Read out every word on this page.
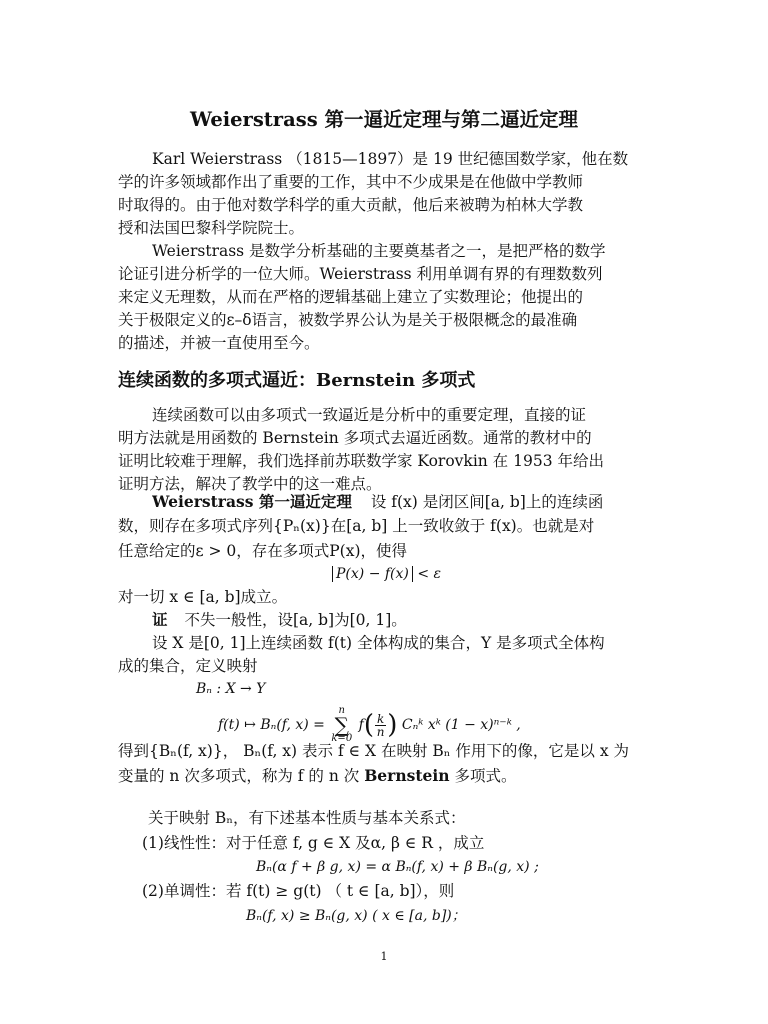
Weierstrass 第一逼近定理与第二逼近定理
Karl Weierstrass （1815—1897）是 19 世纪德国数学家，他在数
学的许多领域都作出了重要的工作，其中不少成果是在他做中学教师
时取得的。由于他对数学科学的重大贡献，他后来被聘为柏林大学教
授和法国巴黎科学院院士。
Weierstrass 是数学分析基础的主要奠基者之一，是把严格的数学
论证引进分析学的一位大师。Weierstrass 利用单调有界的有理数数列
来定义无理数，从而在严格的逻辑基础上建立了实数理论；他提出的
关于极限定义的ε–δ语言，被数学界公认为是关于极限概念的最准确
的描述，并被一直使用至今。
连续函数的多项式逼近：Bernstein 多项式
连续函数可以由多项式一致逼近是分析中的重要定理，直接的证
明方法就是用函数的 Bernstein 多项式去逼近函数。通常的教材中的
证明比较难于理解，我们选择前苏联数学家 Korovkin 在 1953 年给出
证明方法，解决了教学中的这一难点。
Weierstrass 第一逼近定理 设 f(x) 是闭区间[a, b]上的连续函
数，则存在多项式序列{Pₙ(x)}在[a, b] 上一致收敛于 f(x)。也就是对
任意给定的ε > 0，存在多项式P(x)，使得
P(x) − f(x) < ε
对一切 x ∈ [a, b]成立。
证 不失一般性，设[a, b]为[0, 1]。
设 X 是[0, 1]上连续函数 f(t) 全体构成的集合，Y 是多项式全体构
成的集合，定义映射
Bₙ : X → Y
f(t) ↦ Bₙ(f, x) = n
∑
k=0 $f( \frac{k}{n}$ ) Cₙᵏ xᵏ (1 − x)ⁿ⁻ᵏ ,
得到{Bₙ(f, x)}， Bₙ(f, x) 表示 f ∈ X 在映射 Bₙ 作用下的像，它是以 x 为
变量的 n 次多项式，称为 f 的 n 次 Bernstein 多项式。
关于映射 Bₙ，有下述基本性质与基本关系式：
(1)线性性：对于任意 f, g ∈ X 及α, β ∈ R ，成立
Bₙ(α f + β g, x) = α Bₙ(f, x) + β Bₙ(g, x) ;
(2)单调性：若 f(t) ≥ g(t) （ t ∈ [a, b]），则
Bₙ(f, x) ≥ Bₙ(g, x) ( x ∈ [a, b])；
1
